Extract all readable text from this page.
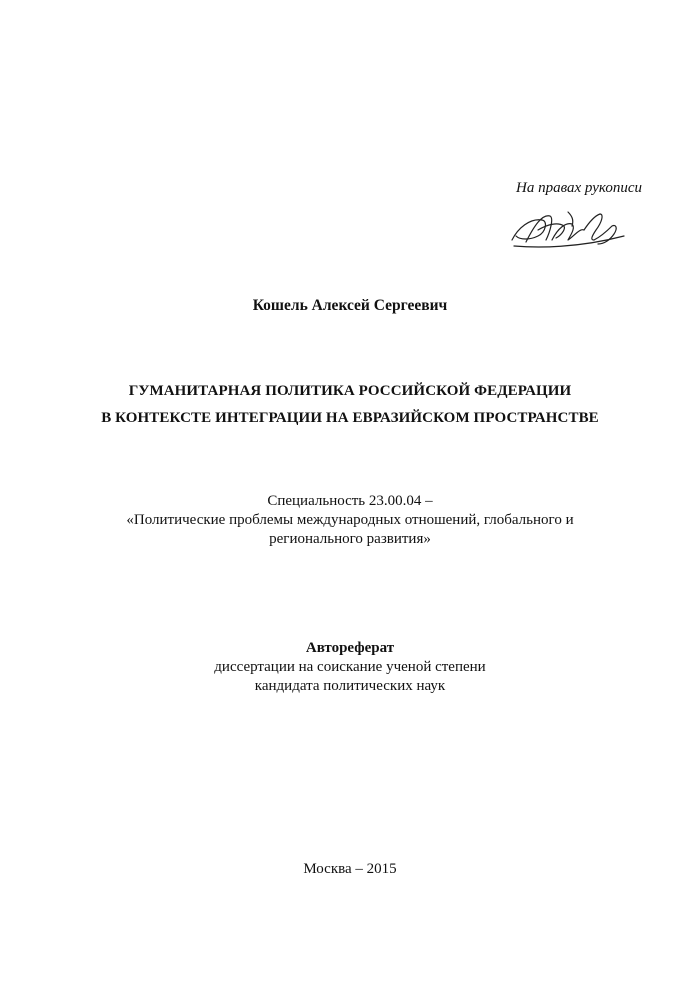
На правах рукописи
Кошель Алексей Сергеевич
ГУМАНИТАРНАЯ ПОЛИТИКА РОССИЙСКОЙ ФЕДЕРАЦИИ
В КОНТЕКСТЕ ИНТЕГРАЦИИ НА ЕВРАЗИЙСКОМ ПРОСТРАНСТВЕ
Специальность 23.00.04 –
«Политические проблемы международных отношений, глобального и
регионального развития»
Автореферат
диссертации на соискание ученой степени
кандидата политических наук
Москва – 2015
